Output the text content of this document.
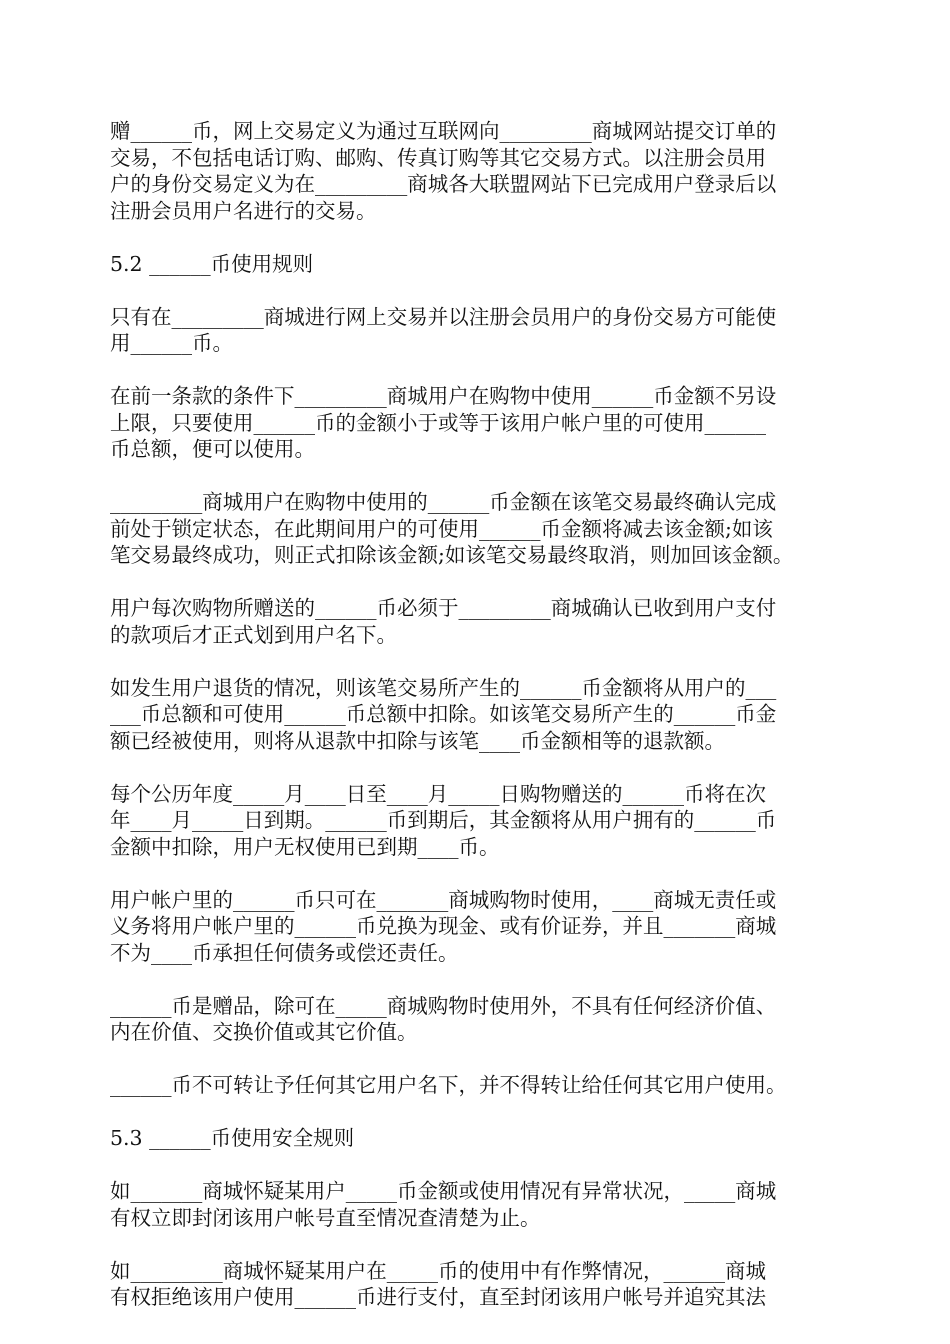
赠______币，网上交易定义为通过互联网向_________商城网站提交订单的
交易，不包括电话订购、邮购、传真订购等其它交易方式。以注册会员用
户的身份交易定义为在_________商城各大联盟网站下已完成用户登录后以
注册会员用户名进行的交易。
5.2 ______币使用规则
只有在_________商城进行网上交易并以注册会员用户的身份交易方可能使
用______币。
在前一条款的条件下_________商城用户在购物中使用______币金额不另设
上限，只要使用______币的金额小于或等于该用户帐户里的可使用______
币总额，便可以使用。
_________商城用户在购物中使用的______币金额在该笔交易最终确认完成
前处于锁定状态，在此期间用户的可使用______币金额将减去该金额;如该
笔交易最终成功，则正式扣除该金额;如该笔交易最终取消，则加回该金额。
用户每次购物所赠送的______币必须于_________商城确认已收到用户支付
的款项后才正式划到用户名下。
如发生用户退货的情况，则该笔交易所产生的______币金额将从用户的___
___币总额和可使用______币总额中扣除。如该笔交易所产生的______币金
额已经被使用，则将从退款中扣除与该笔____币金额相等的退款额。
每个公历年度_____月____日至____月_____日购物赠送的______币将在次
年____月_____日到期。______币到期后，其金额将从用户拥有的______币
金额中扣除，用户无权使用已到期____币。
用户帐户里的______币只可在_______商城购物时使用，____商城无责任或
义务将用户帐户里的______币兑换为现金、或有价证券，并且_______商城
不为____币承担任何债务或偿还责任。
______币是赠品，除可在_____商城购物时使用外，不具有任何经济价值、
内在价值、交换价值或其它价值。
______币不可转让予任何其它用户名下，并不得转让给任何其它用户使用。
5.3 ______币使用安全规则
如_______商城怀疑某用户_____币金额或使用情况有异常状况，_____商城
有权立即封闭该用户帐号直至情况查清楚为止。
如_________商城怀疑某用户在_____币的使用中有作弊情况，______商城
有权拒绝该用户使用______币进行支付，直至封闭该用户帐号并追究其法
